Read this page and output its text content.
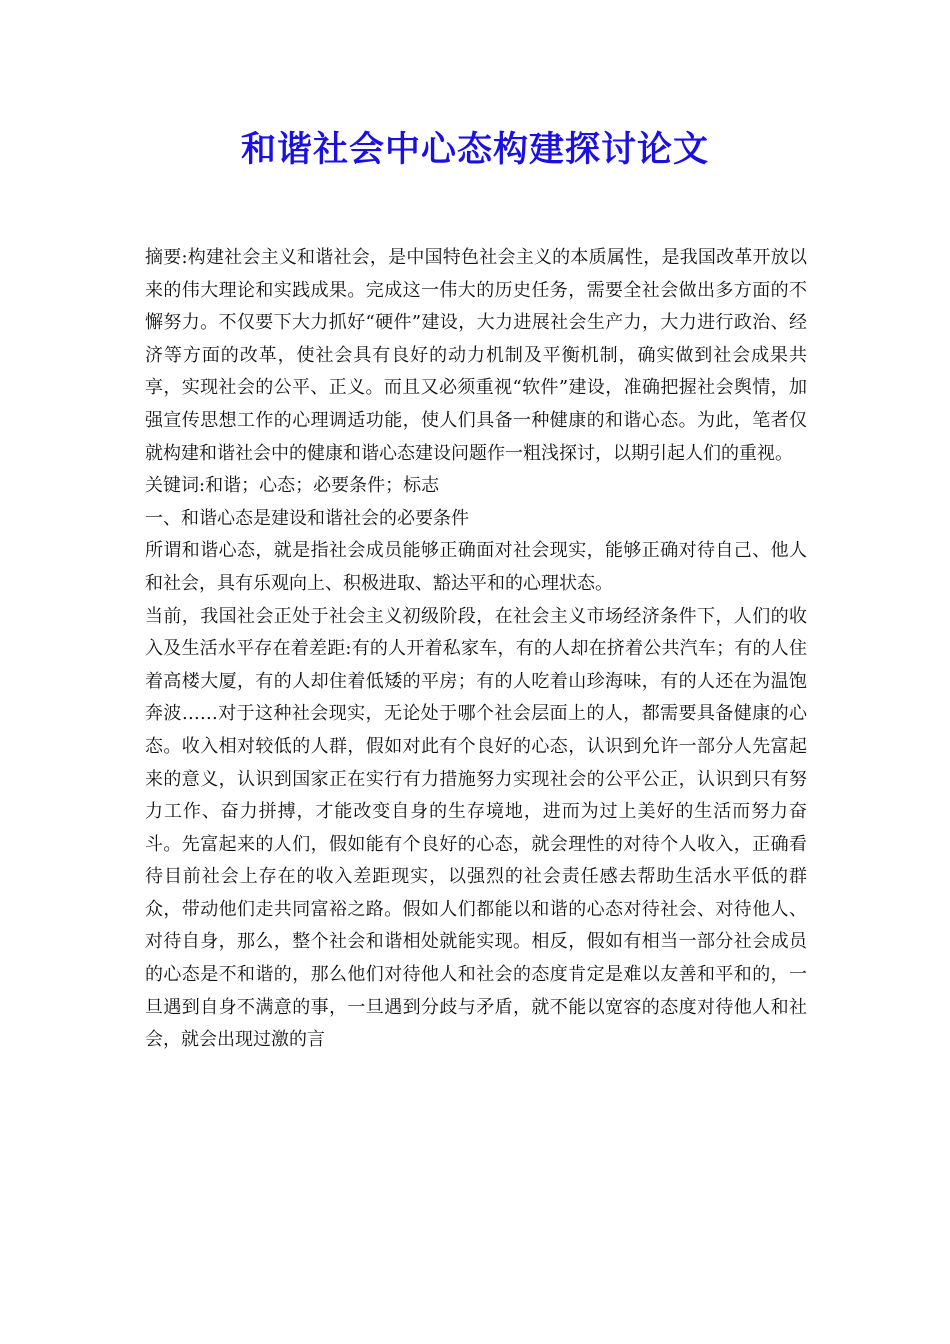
和谐社会中心态构建探讨论文

摘要:构建社会主义和谐社会，是中国特色社会主义的本质属性，是我国改革开放以来的伟大理论和实践成果。完成这一伟大的历史任务，需要全社会做出多方面的不懈努力。不仅要下大力抓好“硬件”建设，大力进展社会生产力，大力进行政治、经济等方面的改革，使社会具有良好的动力机制及平衡机制，确实做到社会成果共享，实现社会的公平、正义。而且又必须重视“软件”建设，准确把握社会舆情，加强宣传思想工作的心理调适功能，使人们具备一种健康的和谐心态。为此，笔者仅就构建和谐社会中的健康和谐心态建设问题作一粗浅探讨，以期引起人们的重视。

关键词:和谐；心态；必要条件；标志

一、和谐心态是建设和谐社会的必要条件

所谓和谐心态，就是指社会成员能够正确面对社会现实，能够正确对待自己、他人和社会，具有乐观向上、积极进取、豁达平和的心理状态。

当前，我国社会正处于社会主义初级阶段，在社会主义市场经济条件下，人们的收入及生活水平存在着差距:有的人开着私家车，有的人却在挤着公共汽车；有的人住着高楼大厦，有的人却住着低矮的平房；有的人吃着山珍海味，有的人还在为温饱奔波……对于这种社会现实，无论处于哪个社会层面上的人，都需要具备健康的心态。收入相对较低的人群，假如对此有个良好的心态，认识到允许一部分人先富起来的意义，认识到国家正在实行有力措施努力实现社会的公平公正，认识到只有努力工作、奋力拼搏，才能改变自身的生存境地，进而为过上美好的生活而努力奋斗。先富起来的人们，假如能有个良好的心态，就会理性的对待个人收入，正确看待目前社会上存在的收入差距现实，以强烈的社会责任感去帮助生活水平低的群众，带动他们走共同富裕之路。假如人们都能以和谐的心态对待社会、对待他人、对待自身，那么，整个社会和谐相处就能实现。相反，假如有相当一部分社会成员的心态是不和谐的，那么他们对待他人和社会的态度肯定是难以友善和平和的，一旦遇到自身不满意的事，一旦遇到分歧与矛盾，就不能以宽容的态度对待他人和社会，就会出现过激的言
